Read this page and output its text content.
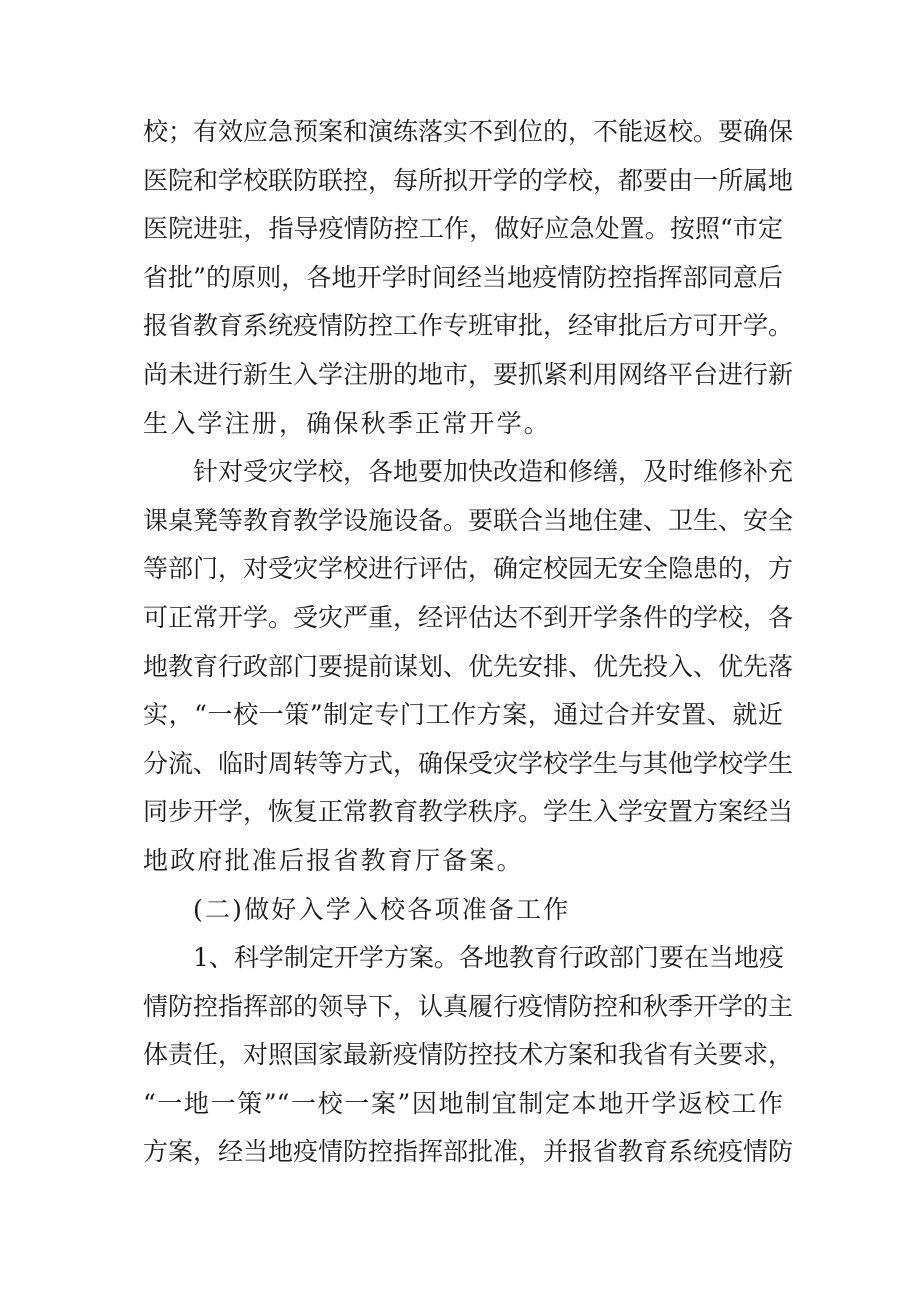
校；有效应急预案和演练落实不到位的，不能返校。要确保
医院和学校联防联控，每所拟开学的学校，都要由一所属地
医院进驻，指导疫情防控工作，做好应急处置。按照“市定
省批”的原则，各地开学时间经当地疫情防控指挥部同意后
报省教育系统疫情防控工作专班审批，经审批后方可开学。
尚未进行新生入学注册的地市，要抓紧利用网络平台进行新
生入学注册，确保秋季正常开学。
针对受灾学校，各地要加快改造和修缮，及时维修补充
课桌凳等教育教学设施设备。要联合当地住建、卫生、安全
等部门，对受灾学校进行评估，确定校园无安全隐患的，方
可正常开学。受灾严重，经评估达不到开学条件的学校，各
地教育行政部门要提前谋划、优先安排、优先投入、优先落
实，“一校一策”制定专门工作方案，通过合并安置、就近
分流、临时周转等方式，确保受灾学校学生与其他学校学生
同步开学，恢复正常教育教学秩序。学生入学安置方案经当
地政府批准后报省教育厅备案。
(二)做好入学入校各项准备工作
1、科学制定开学方案。各地教育行政部门要在当地疫
情防控指挥部的领导下，认真履行疫情防控和秋季开学的主
体责任，对照国家最新疫情防控技术方案和我省有关要求，
“一地一策”“一校一案”因地制宜制定本地开学返校工作
方案，经当地疫情防控指挥部批准，并报省教育系统疫情防
